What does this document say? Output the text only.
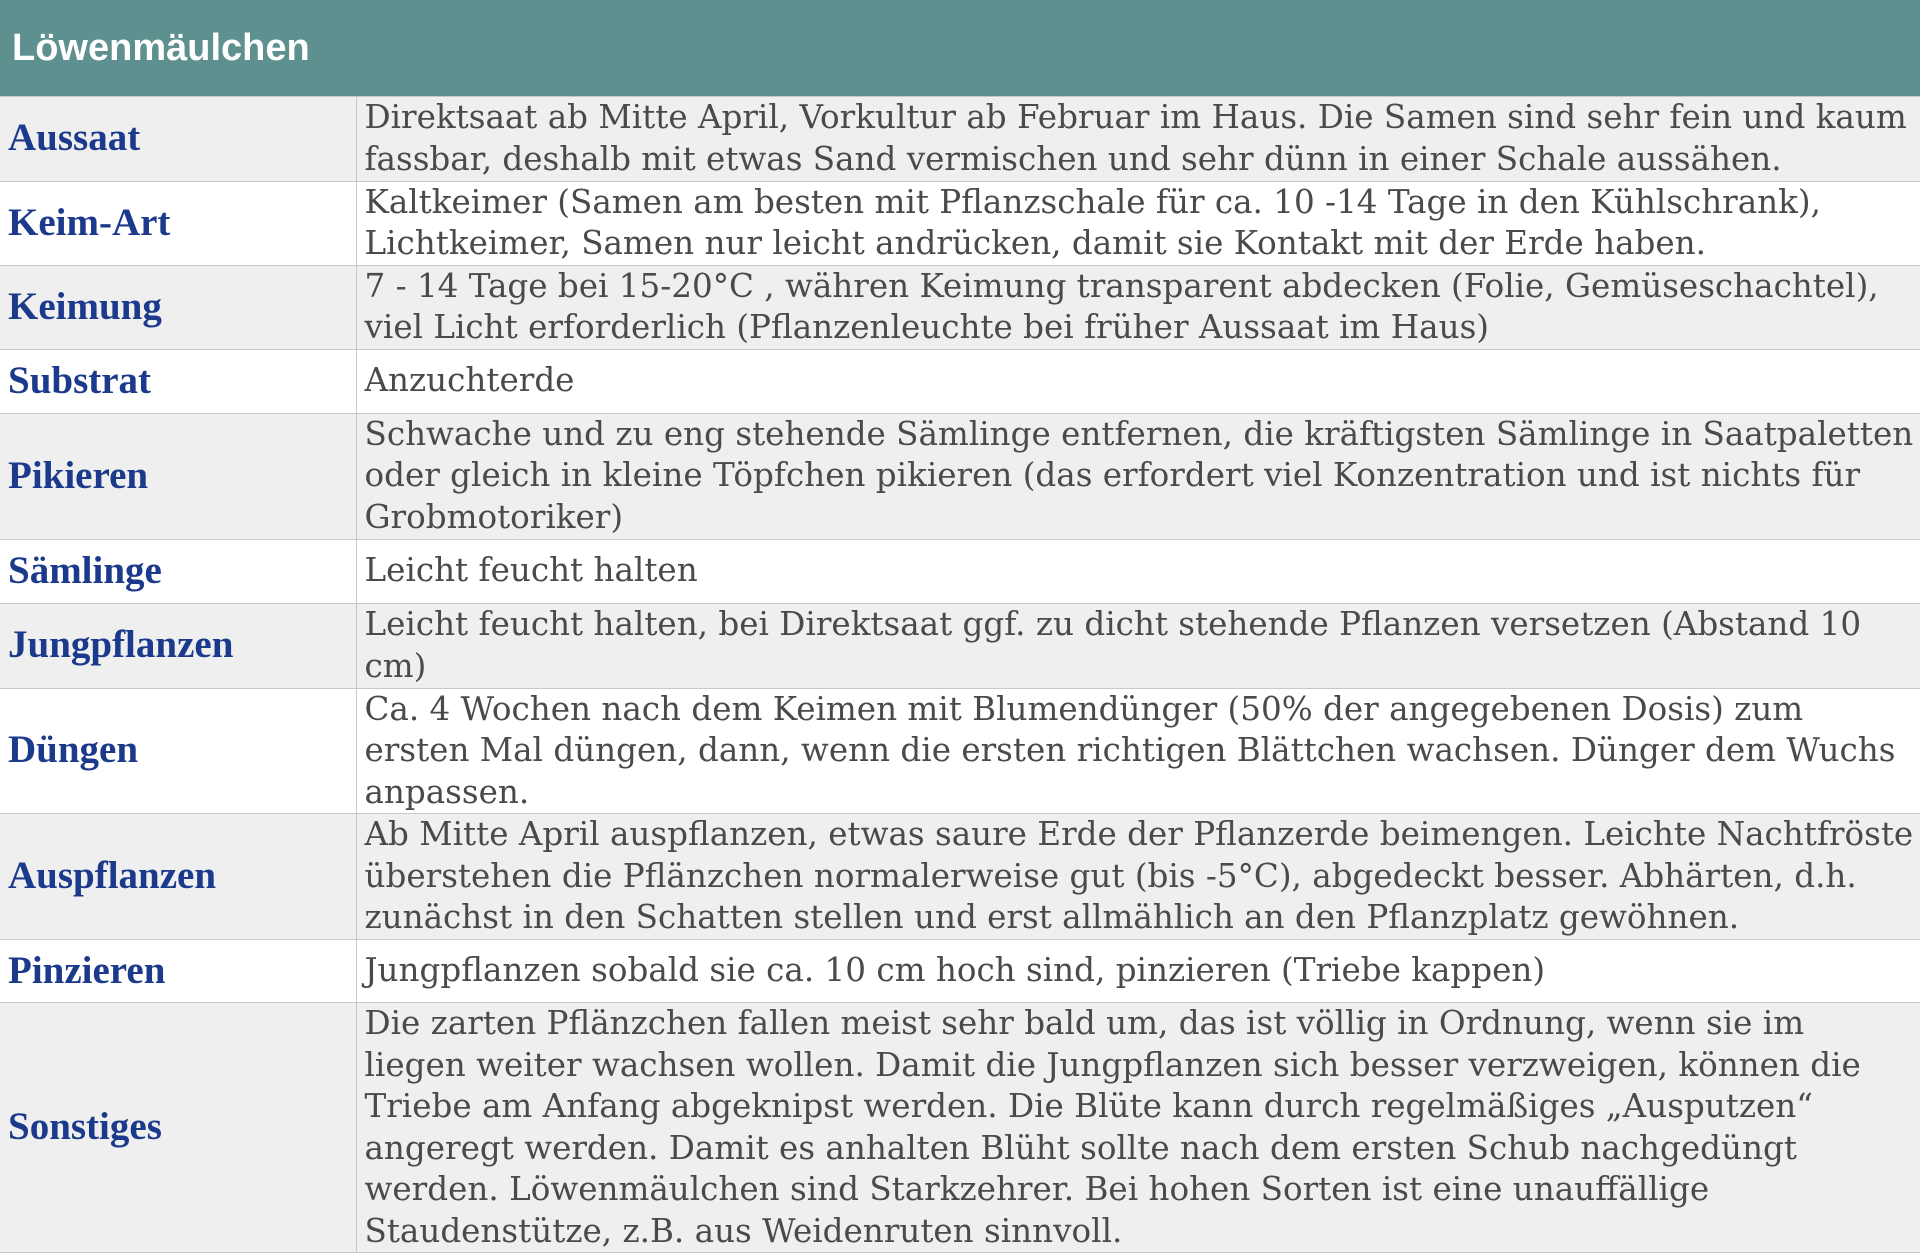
Löwenmäulchen
Aussaat	Direktsaat ab Mitte April, Vorkultur ab Februar im Haus. Die Samen sind sehr fein und kaum fassbar, deshalb mit etwas Sand vermischen und sehr dünn in einer Schale aussähen.
Keim-Art	Kaltkeimer (Samen am besten mit Pflanzschale für ca. 10 -14 Tage in den Kühlschrank), Lichtkeimer, Samen nur leicht andrücken, damit sie Kontakt mit der Erde haben.
Keimung	7 - 14 Tage bei 15-20°C , währen Keimung transparent abdecken (Folie, Gemüseschachtel), viel Licht erforderlich (Pflanzenleuchte bei früher Aussaat im Haus)
Substrat	Anzuchterde
Pikieren	Schwache und zu eng stehende Sämlinge entfernen, die kräftigsten Sämlinge in Saatpaletten oder gleich in kleine Töpfchen pikieren (das erfordert viel Konzentration und ist nichts für Grobmotoriker)
Sämlinge	Leicht feucht halten
Jungpflanzen	Leicht feucht halten, bei Direktsaat ggf. zu dicht stehende Pflanzen versetzen (Abstand 10 cm)
Düngen	Ca. 4 Wochen nach dem Keimen mit Blumendünger (50% der angegebenen Dosis) zum ersten Mal düngen, dann, wenn die ersten richtigen Blättchen wachsen. Dünger dem Wuchs anpassen.
Auspflanzen	Ab Mitte April auspflanzen, etwas saure Erde der Pflanzerde beimengen. Leichte Nachtfröste überstehen die Pflänzchen normalerweise gut (bis -5°C), abgedeckt besser. Abhärten, d.h. zunächst in den Schatten stellen und erst allmählich an den Pflanzplatz gewöhnen.
Pinzieren	Jungpflanzen sobald sie ca. 10 cm hoch sind, pinzieren (Triebe kappen)
Sonstiges	Die zarten Pflänzchen fallen meist sehr bald um, das ist völlig in Ordnung, wenn sie im liegen weiter wachsen wollen. Damit die Jungpflanzen sich besser verzweigen, können die Triebe am Anfang abgeknipst werden. Die Blüte kann durch regelmäßiges „Ausputzen“ angeregt werden. Damit es anhalten Blüht sollte nach dem ersten Schub nachgedüngt werden. Löwenmäulchen sind Starkzehrer. Bei hohen Sorten ist eine unauffällige Staudenstütze, z.B. aus Weidenruten sinnvoll.
